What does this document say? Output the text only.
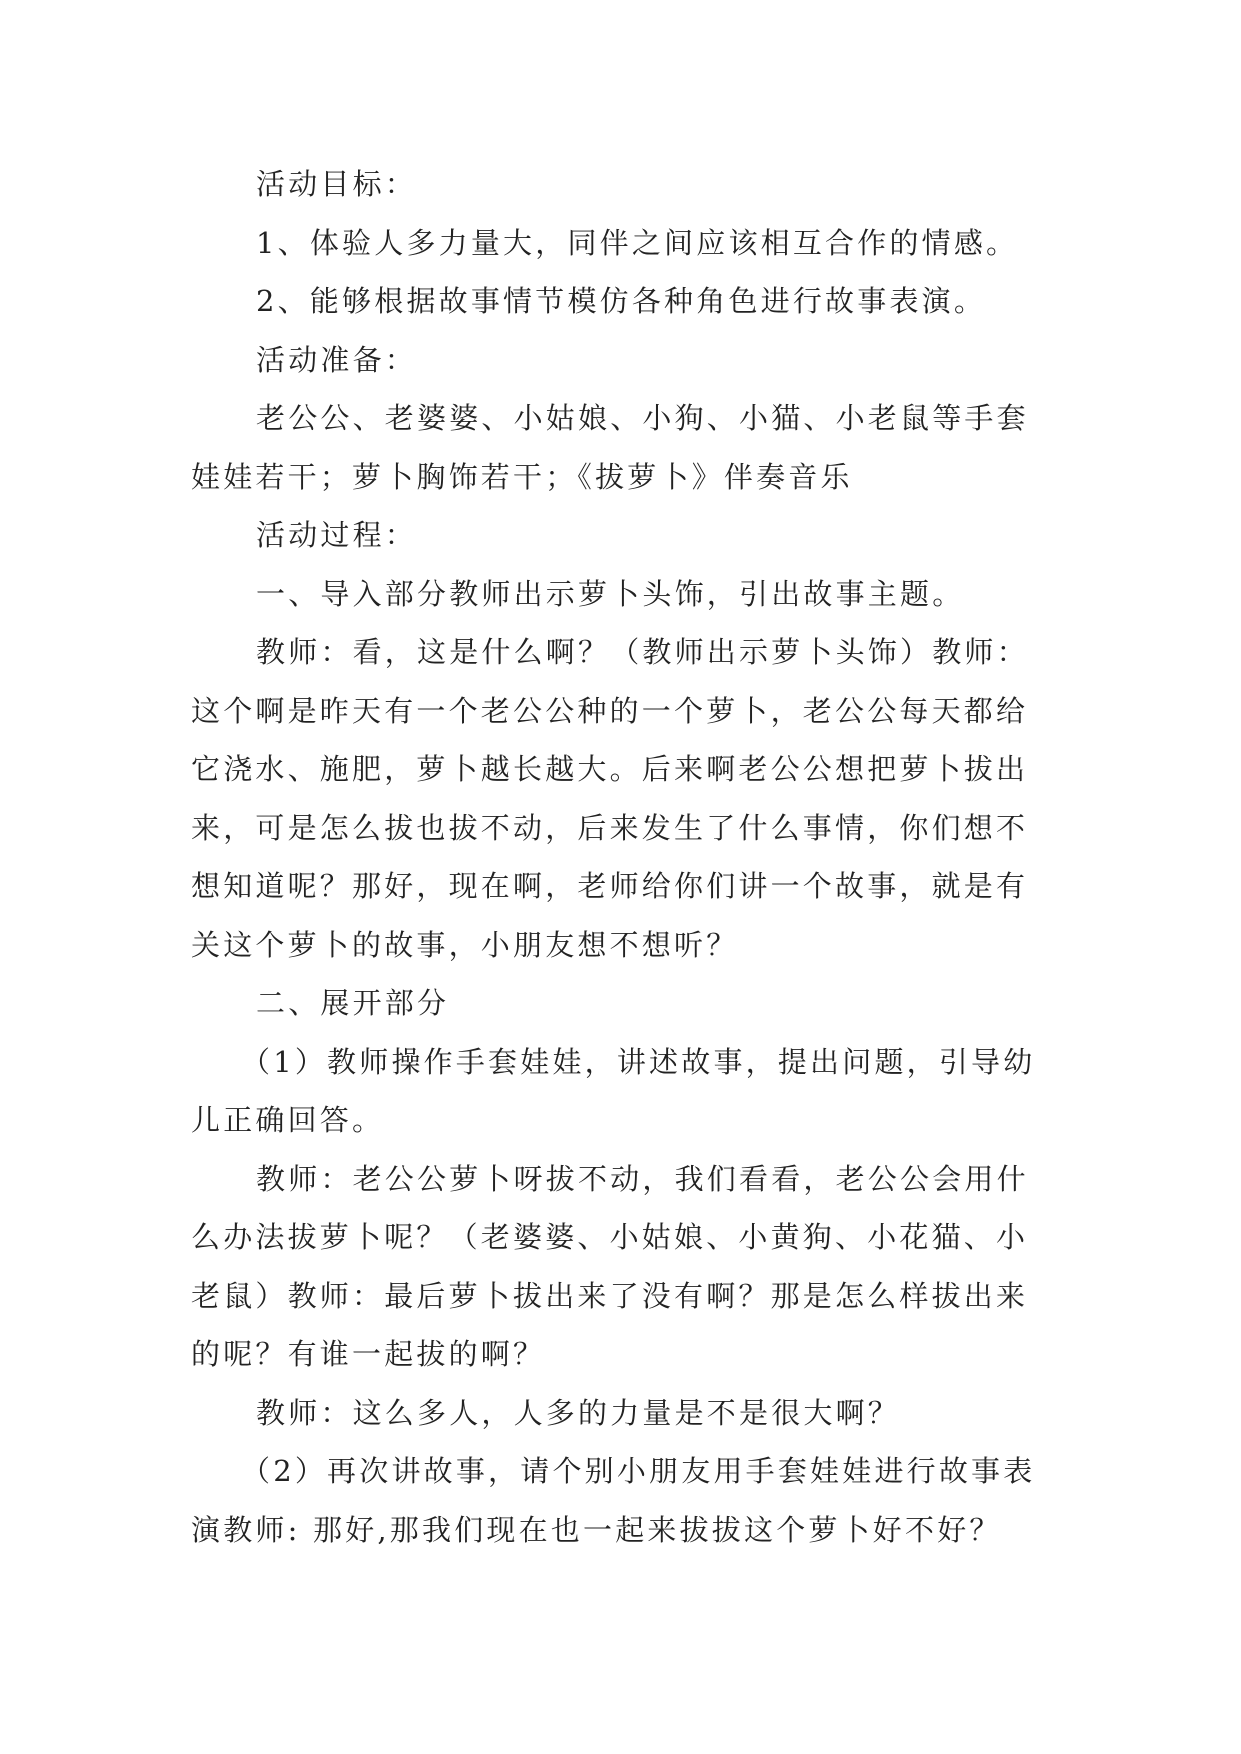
活动目标：

1、体验人多力量大，同伴之间应该相互合作的情感。

2、能够根据故事情节模仿各种角色进行故事表演。

活动准备：

老公公、老婆婆、小姑娘、小狗、小猫、小老鼠等手套娃娃若干；萝卜胸饰若干；《拔萝卜》伴奏音乐

活动过程：

一、导入部分教师出示萝卜头饰，引出故事主题。

教师：看，这是什么啊？（教师出示萝卜头饰）教师：这个啊是昨天有一个老公公种的一个萝卜，老公公每天都给它浇水、施肥，萝卜越长越大。后来啊老公公想把萝卜拔出来，可是怎么拔也拔不动，后来发生了什么事情，你们想不想知道呢？那好，现在啊，老师给你们讲一个故事，就是有关这个萝卜的故事，小朋友想不想听？

二、展开部分

（1）教师操作手套娃娃，讲述故事，提出问题，引导幼儿正确回答。

教师：老公公萝卜呀拔不动，我们看看，老公公会用什么办法拔萝卜呢？（老婆婆、小姑娘、小黄狗、小花猫、小老鼠）教师：最后萝卜拔出来了没有啊？那是怎么样拔出来的呢？有谁一起拔的啊？

教师：这么多人，人多的力量是不是很大啊？

（2）再次讲故事，请个别小朋友用手套娃娃进行故事表演教师: 那好,那我们现在也一起来拔拔这个萝卜好不好？
